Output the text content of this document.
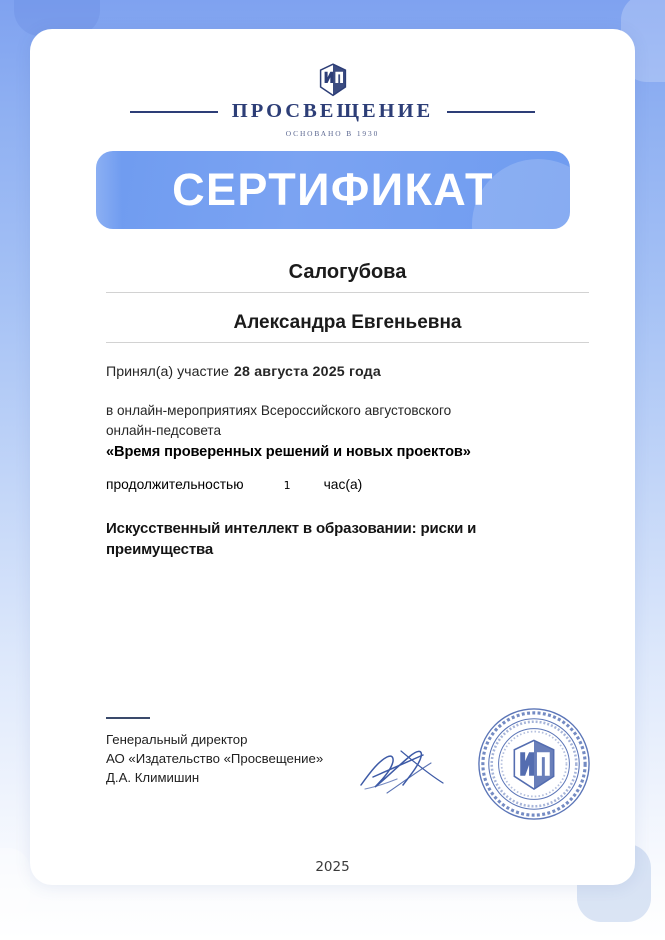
ПРОСВЕЩЕНИЕ
ОСНОВАНО В 1930
СЕРТИФИКАТ
Салогубова
Александра Евгеньевна
Принял(а) участие 28 августа 2025 года
в онлайн-мероприятиях Всероссийского августовского
онлайн-педсовета
«Время проверенных решений и новых проектов»
продолжительностью	1 час(а)
Искусственный интеллект в образовании: риски и преимущества
Генеральный директор
АО «Издательство «Просвещение»
Д.А. Климишин
2025
